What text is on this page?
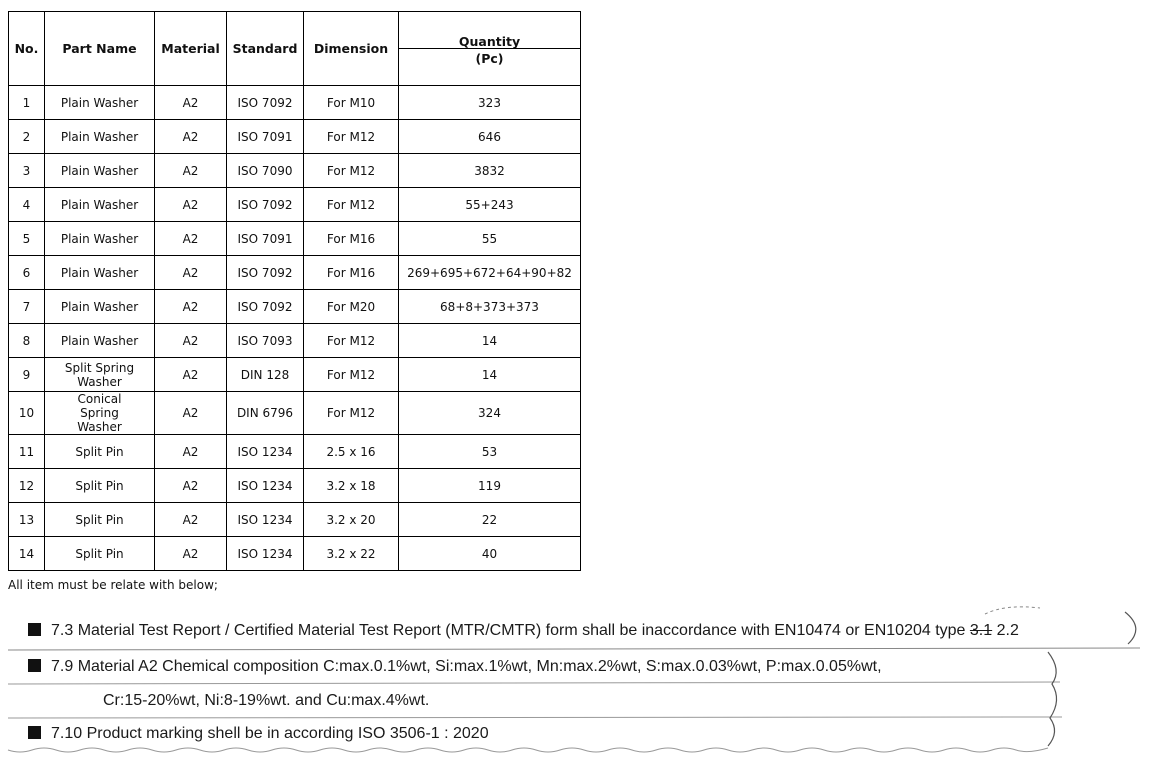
No.	Part Name	Material	Standard	Dimension	Quantity
(Pc)

1	Plain Washer	A2	ISO 7092	For M10	323
2	Plain Washer	A2	ISO 7091	For M12	646
3	Plain Washer	A2	ISO 7090	For M12	3832
4	Plain Washer	A2	ISO 7092	For M12	55+243
5	Plain Washer	A2	ISO 7091	For M16	55
6	Plain Washer	A2	ISO 7092	For M16	269+695+672+64+90+82
7	Plain Washer	A2	ISO 7092	For M20	68+8+373+373
8	Plain Washer	A2	ISO 7093	For M12	14
9	Split Spring Washer	A2	DIN 128	For M12	14
10	Conical Spring Washer	A2	DIN 6796	For M12	324
11	Split Pin	A2	ISO 1234	2.5 x 16	53
12	Split Pin	A2	ISO 1234	3.2 x 18	119
13	Split Pin	A2	ISO 1234	3.2 x 20	22
14	Split Pin	A2	ISO 1234	3.2 x 22	40
All item must be relate with below;
7.3 Material Test Report / Certified Material Test Report (MTR/CMTR) form shall be inaccordance with EN10474 or EN10204 type 3.1 2.2
7.9 Material A2 Chemical composition C:max.0.1%wt, Si:max.1%wt, Mn:max.2%wt, S:max.0.03%wt, P:max.0.05%wt,
Cr:15-20%wt, Ni:8-19%wt. and Cu:max.4%wt.
7.10 Product marking shell be in according ISO 3506-1 : 2020
